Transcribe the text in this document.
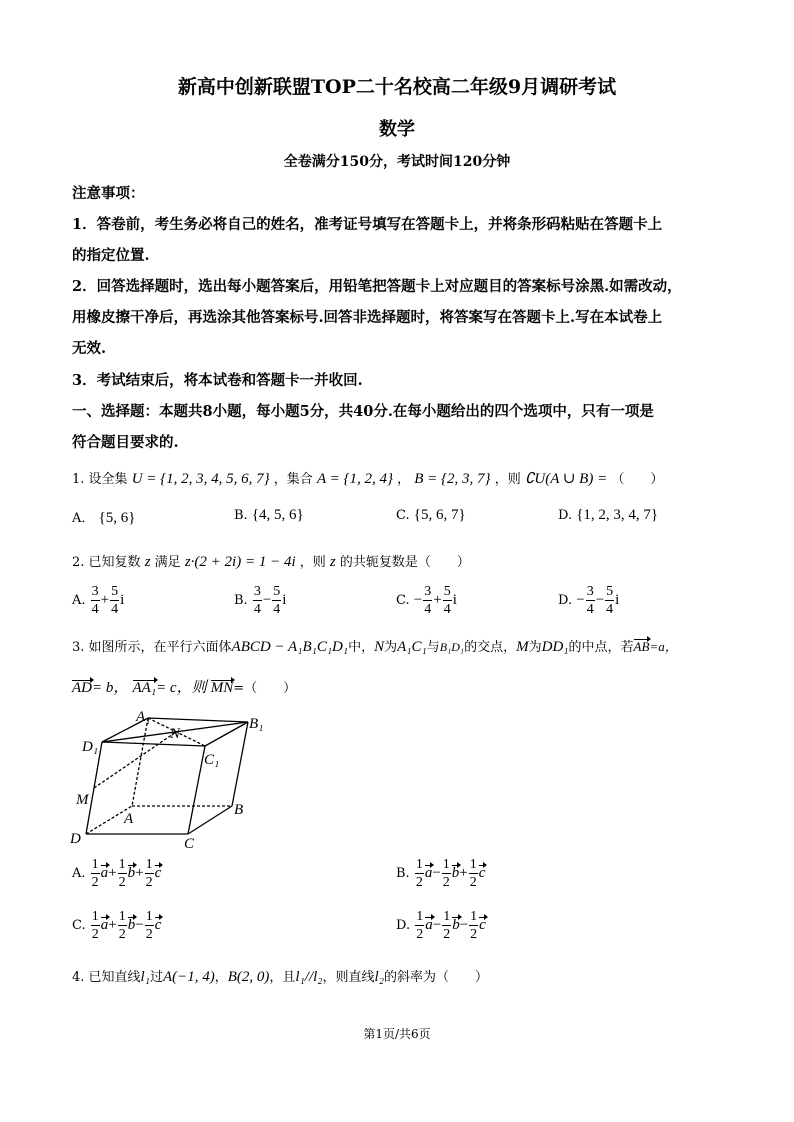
新高中创新联盟TOP二十名校高二年级9月调研考试
数学
全卷满分150分，考试时间120分钟
注意事项：
1．答卷前，考生务必将自己的姓名，准考证号填写在答题卡上，并将条形码粘贴在答题卡上
的指定位置.
2．回答选择题时，选出每小题答案后，用铅笔把答题卡上对应题目的答案标号涂黑.如需改动，
用橡皮擦干净后，再选涂其他答案标号.回答非选择题时，将答案写在答题卡上.写在本试卷上
无效.
3．考试结束后，将本试卷和答题卡一并收回.
一、选择题：本题共8小题，每小题5分，共40分.在每小题给出的四个选项中，只有一项是
符合题目要求的.
1. 设全集 U = {1, 2, 3, 4, 5, 6, 7} ，集合 A = {1, 2, 4} ， B = {2, 3, 7} ，则 ∁U(A ∪ B) = （　　）
A． {5, 6}	B. {4, 5, 6}	C. {5, 6, 7}	D. {1, 2, 3, 4, 7}
2. 已知复数 z 满足 z·(2 + 2i) = 1 − 4i ，则 z 的共轭复数是（　　）
A. $\frac{3}{4} + \frac{5}{4}$ i	B. $\frac{3}{4} - \frac{5}{4}$ i	C. − $\frac{3}{4} + \frac{5}{4}$ i	D. − $\frac{3}{4} - \frac{5}{4}$ i
3. 如图所示，在平行六面体ABCD − A₁B₁C₁D₁中，N为A₁C₁与B₁D₁的交点，M为DD₁的中点，若AB=a，
AD= b， AA₁= c，则 MN=（　　）
A₁	B₁
C₁
D₁
N
M
A
B
C
D
A. $\frac{1}{2} a+ \frac{1}{2} b+ \frac{1}{2}$ c	B. $\frac{1}{2} a- \frac{1}{2} b+ \frac{1}{2}$ c
C. $\frac{1}{2} a+ \frac{1}{2} b- \frac{1}{2}$ c	D. $\frac{1}{2} a- \frac{1}{2} b- \frac{1}{2}$ c
4. 已知直线l₁过A(−1, 4)，B(2, 0)，且l₁//l₂，则直线l₂的斜率为（　　）
第1页/共6页
